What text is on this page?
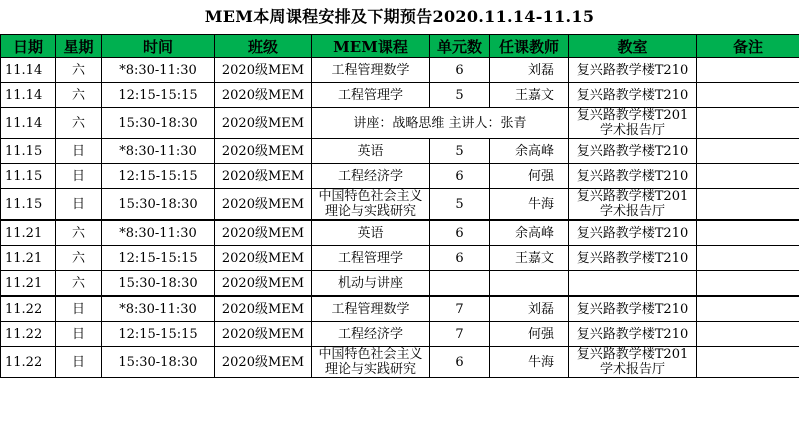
MEM本周课程安排及下期预告2020.11.14-11.15
日期	星期	时间	班级	MEM课程	单元数	任课教师	教室	备注
11.14	六	*8:30-11:30	2020级MEM	工程管理数学	6	刘磊	复兴路教学楼T210	
11.14	六	12:15-15:15	2020级MEM	工程管理学	5	王嘉文	复兴路教学楼T210	
11.14	六	15:30-18:30	2020级MEM	讲座：战略思维 主讲人：张青			复兴路教学楼T201 学术报告厅	
11.15	日	*8:30-11:30	2020级MEM	英语	5	余高峰	复兴路教学楼T210	
11.15	日	12:15-15:15	2020级MEM	工程经济学	6	何强	复兴路教学楼T210	
11.15	日	15:30-18:30	2020级MEM	中国特色社会主义理论与实践研究	5	牛海	复兴路教学楼T201 学术报告厅	
11.21	六	*8:30-11:30	2020级MEM	英语	6	余高峰	复兴路教学楼T210	
11.21	六	12:15-15:15	2020级MEM	工程管理学	6	王嘉文	复兴路教学楼T210	
11.21	六	15:30-18:30	2020级MEM	机动与讲座				
11.22	日	*8:30-11:30	2020级MEM	工程管理数学	7	刘磊	复兴路教学楼T210	
11.22	日	12:15-15:15	2020级MEM	工程经济学	7	何强	复兴路教学楼T210	
11.22	日	15:30-18:30	2020级MEM	中国特色社会主义理论与实践研究	6	牛海	复兴路教学楼T201 学术报告厅	
